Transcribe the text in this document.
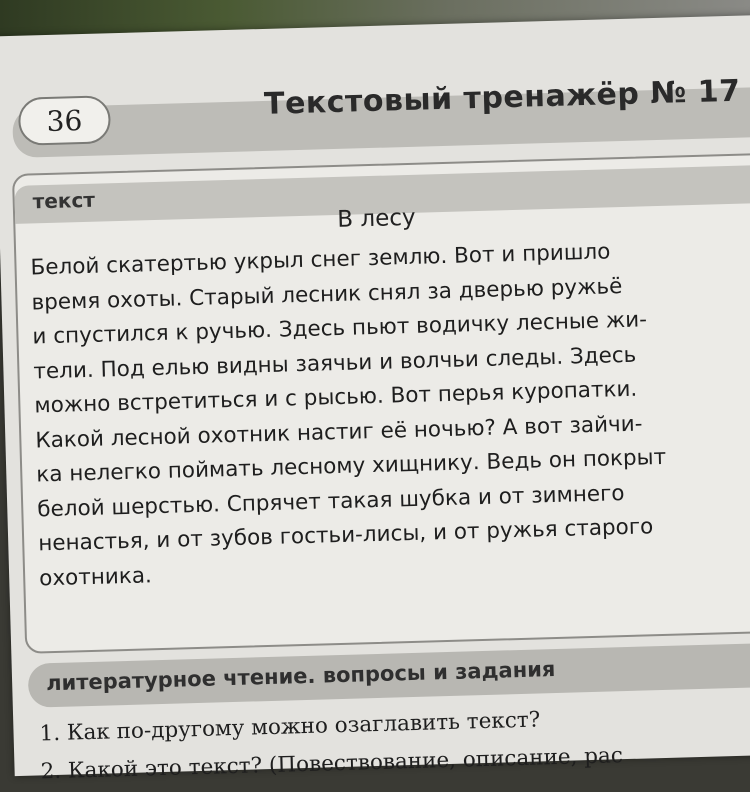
36	Текстовый тренажёр № 17
текст
В лесу

Белой скатертью укрыл снег землю. Вот и пришло
время охоты. Старый лесник снял за дверью ружьё
и спустился к ручью. Здесь пьют водичку лесные жи-
тели. Под елью видны заячьи и волчьи следы. Здесь
можно встретиться и с рысью. Вот перья куропатки.
Какой лесной охотник настиг её ночью? А вот зайчи-
ка нелегко поймать лесному хищнику. Ведь он покрыт
белой шерстью. Спрячет такая шубка и от зимнего
ненастья, и от зубов гостьи-лисы, и от ружья старого
охотника.

литературное чтение. вопросы и задания
1. Как по-другому можно озаглавить текст?
2. Какой это текст? (Повествование, описание, рас
